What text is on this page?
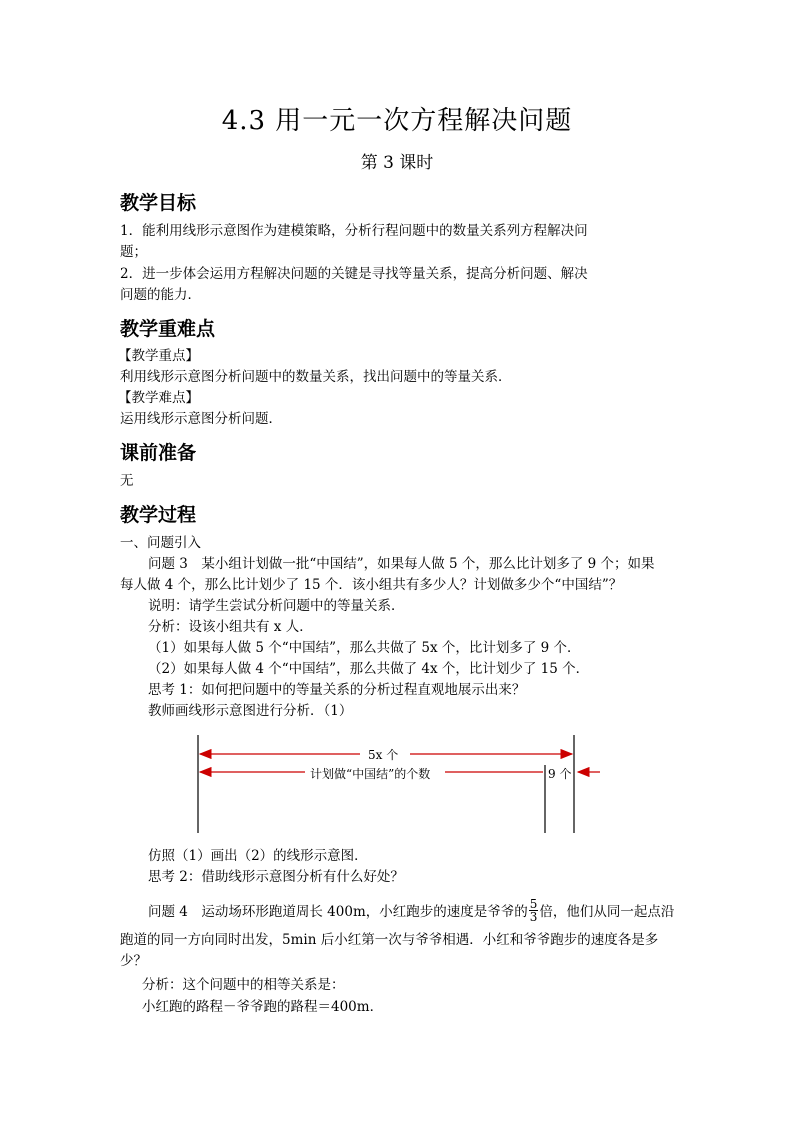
4.3 用一元一次方程解决问题
第 3 课时
教学目标
1．能利用线形示意图作为建模策略，分析行程问题中的数量关系列方程解决问
题；
2．进一步体会运用方程解决问题的关键是寻找等量关系，提高分析问题、解决
问题的能力．
教学重难点
【教学重点】
利用线形示意图分析问题中的数量关系，找出问题中的等量关系．
【教学难点】
运用线形示意图分析问题．
课前准备
无
教学过程
一、问题引入
问题 3　某小组计划做一批“中国结”，如果每人做 5 个，那么比计划多了 9 个；如果
每人做 4 个，那么比计划少了 15 个．该小组共有多少人？计划做多少个“中国结”？
说明：请学生尝试分析问题中的等量关系．
分析：设该小组共有 x 人．
（1）如果每人做 5 个“中国结”，那么共做了 5x 个，比计划多了 9 个．
（2）如果每人做 4 个“中国结”，那么共做了 4x 个，比计划少了 15 个．
思考 1：如何把问题中的等量关系的分析过程直观地展示出来？
教师画线形示意图进行分析．（1）
5x 个
计划做“中国结”的个数	9 个
仿照（1）画出（2）的线形示意图．
思考 2：借助线形示意图分析有什么好处？
问题 4　运动场环形跑道周长 400m，小红跑步的速度是爷爷的 $\frac{5}{3}$ 倍，他们从同一起点沿
跑道的同一方向同时出发，5min 后小红第一次与爷爷相遇．小红和爷爷跑步的速度各是多
少？
分析：这个问题中的相等关系是：
小红跑的路程－爷爷跑的路程＝400m．
